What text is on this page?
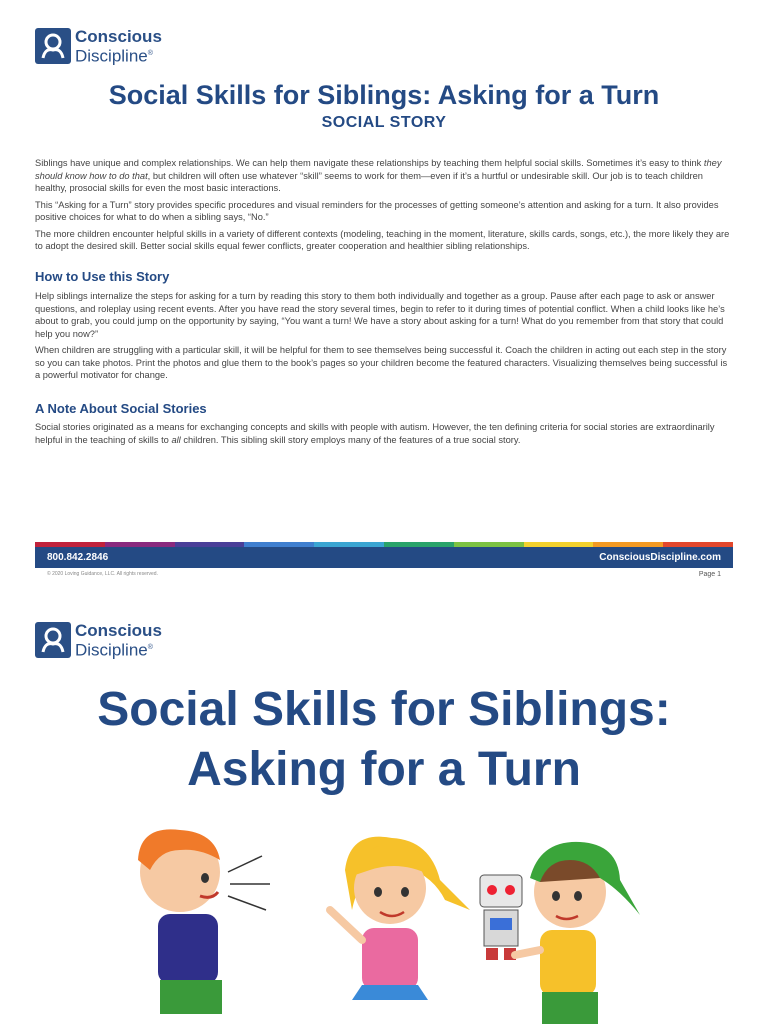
Conscious
Discipline®
Social Skills for Siblings: Asking for a Turn
SOCIAL STORY

Siblings have unique and complex relationships. We can help them navigate these relationships by teaching them helpful social skills. Sometimes it’s easy to think they should know how to do that, but children will often use whatever “skill” seems to work for them—even if it’s a hurtful or undesirable skill. Our job is to teach children healthy, prosocial skills for even the most basic interactions.

This “Asking for a Turn” story provides specific procedures and visual reminders for the processes of getting someone’s attention and asking for a turn. It also provides positive choices for what to do when a sibling says, “No.”

The more children encounter helpful skills in a variety of different contexts (modeling, teaching in the moment, literature, skills cards, songs, etc.), the more likely they are to adopt the desired skill. Better social skills equal fewer conflicts, greater cooperation and healthier sibling relationships.

How to Use this Story

Help siblings internalize the steps for asking for a turn by reading this story to them both individually and together as a group. Pause after each page to ask or answer questions, and roleplay using recent events. After you have read the story several times, begin to refer to it during times of potential conflict. When a child looks like he’s about to grab, you could jump on the opportunity by saying, “You want a turn! We have a story about asking for a turn! What do you remember from that story that could help you now?”

When children are struggling with a particular skill, it will be helpful for them to see themselves being successful it. Coach the children in acting out each step in the story so you can take photos. Print the photos and glue them to the book’s pages so your children become the featured characters. Visualizing themselves being successful is a powerful motivator for change.

A Note About Social Stories

Social stories originated as a means for exchanging concepts and skills with people with autism. However, the ten defining criteria for social stories are extraordinarily helpful in the teaching of skills to all children. This sibling skill story employs many of the features of a true social story.

800.842.2846	ConsciousDiscipline.com
© 2020 Loving Guidance, LLC. All rights reserved.	Page 1
Conscious
Discipline®
Social Skills for Siblings:
Asking for a Turn
